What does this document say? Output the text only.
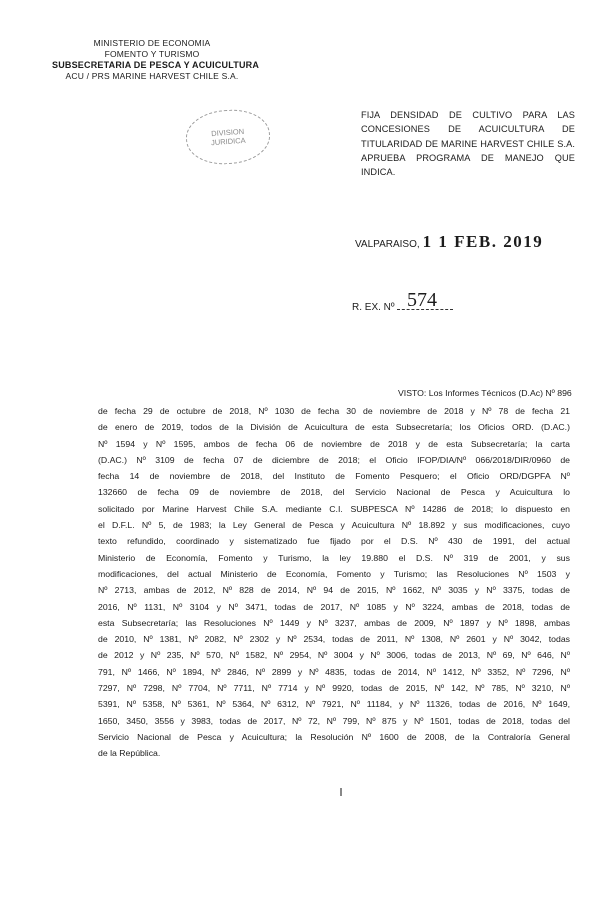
MINISTERIO DE ECONOMIA
FOMENTO Y TURISMO
SUBSECRETARIA DE PESCA Y ACUICULTURA
ACU / PRS MARINE HARVEST CHILE S.A.
DIVISION
JURIDICA
FIJA DENSIDAD DE CULTIVO PARA LAS CONCESIONES DE ACUICULTURA DE TITULARIDAD DE MARINE HARVEST CHILE S.A. APRUEBA PROGRAMA DE MANEJO QUE INDICA.
VALPARAISO, 1 1 FEB. 2019
R. EX. Nº 574
VISTO: Los Informes Técnicos (D.Ac) Nº 896
de fecha 29 de octubre de 2018, Nº 1030 de fecha 30 de noviembre de 2018 y Nº 78 de fecha 21
de enero de 2019, todos de la División de Acuicultura de esta Subsecretaría; los Oficios ORD. (D.AC.)
Nº 1594 y Nº 1595, ambos de fecha 06 de noviembre de 2018 y de esta Subsecretaría; la carta
(D.AC.) Nº 3109 de fecha 07 de diciembre de 2018; el Oficio IFOP/DIA/Nº 066/2018/DIR/0960 de
fecha 14 de noviembre de 2018, del Instituto de Fomento Pesquero; el Oficio ORD/DGPFA Nº
132660 de fecha 09 de noviembre de 2018, del Servicio Nacional de Pesca y Acuicultura lo
solicitado por Marine Harvest Chile S.A. mediante C.I. SUBPESCA Nº 14286 de 2018; lo dispuesto en
el D.F.L. Nº 5, de 1983; la Ley General de Pesca y Acuicultura Nº 18.892 y sus modificaciones, cuyo
texto refundido, coordinado y sistematizado fue fijado por el D.S. Nº 430 de 1991, del actual
Ministerio de Economía, Fomento y Turismo, la ley 19.880 el D.S. Nº 319 de 2001, y sus
modificaciones, del actual Ministerio de Economía, Fomento y Turismo; las Resoluciones Nº 1503 y
Nº 2713, ambas de 2012, Nº 828 de 2014, Nº 94 de 2015, Nº 1662, Nº 3035 y Nº 3375, todas de
2016, Nº 1131, Nº 3104 y Nº 3471, todas de 2017, Nº 1085 y Nº 3224, ambas de 2018, todas de
esta Subsecretaría; las Resoluciones Nº 1449 y Nº 3237, ambas de 2009, Nº 1897 y Nº 1898, ambas
de 2010, Nº 1381, Nº 2082, Nº 2302 y Nº 2534, todas de 2011, Nº 1308, Nº 2601 y Nº 3042, todas
de 2012 y Nº 235, Nº 570, Nº 1582, Nº 2954, Nº 3004 y Nº 3006, todas de 2013, Nº 69, Nº 646, Nº
791, Nº 1466, Nº 1894, Nº 2846, Nº 2899 y Nº 4835, todas de 2014, Nº 1412, Nº 3352, Nº 7296, Nº
7297, Nº 7298, Nº 7704, Nº 7711, Nº 7714 y Nº 9920, todas de 2015, Nº 142, Nº 785, Nº 3210, Nº
5391, Nº 5358, Nº 5361, Nº 5364, Nº 6312, Nº 7921, Nº 11184, y Nº 11326, todas de 2016, Nº 1649,
1650, 3450, 3556 y 3983, todas de 2017, Nº 72, Nº 799, Nº 875 y Nº 1501, todas de 2018, todas del
Servicio Nacional de Pesca y Acuicultura; la Resolución Nº 1600 de 2008, de la Contraloría General
de la República.
